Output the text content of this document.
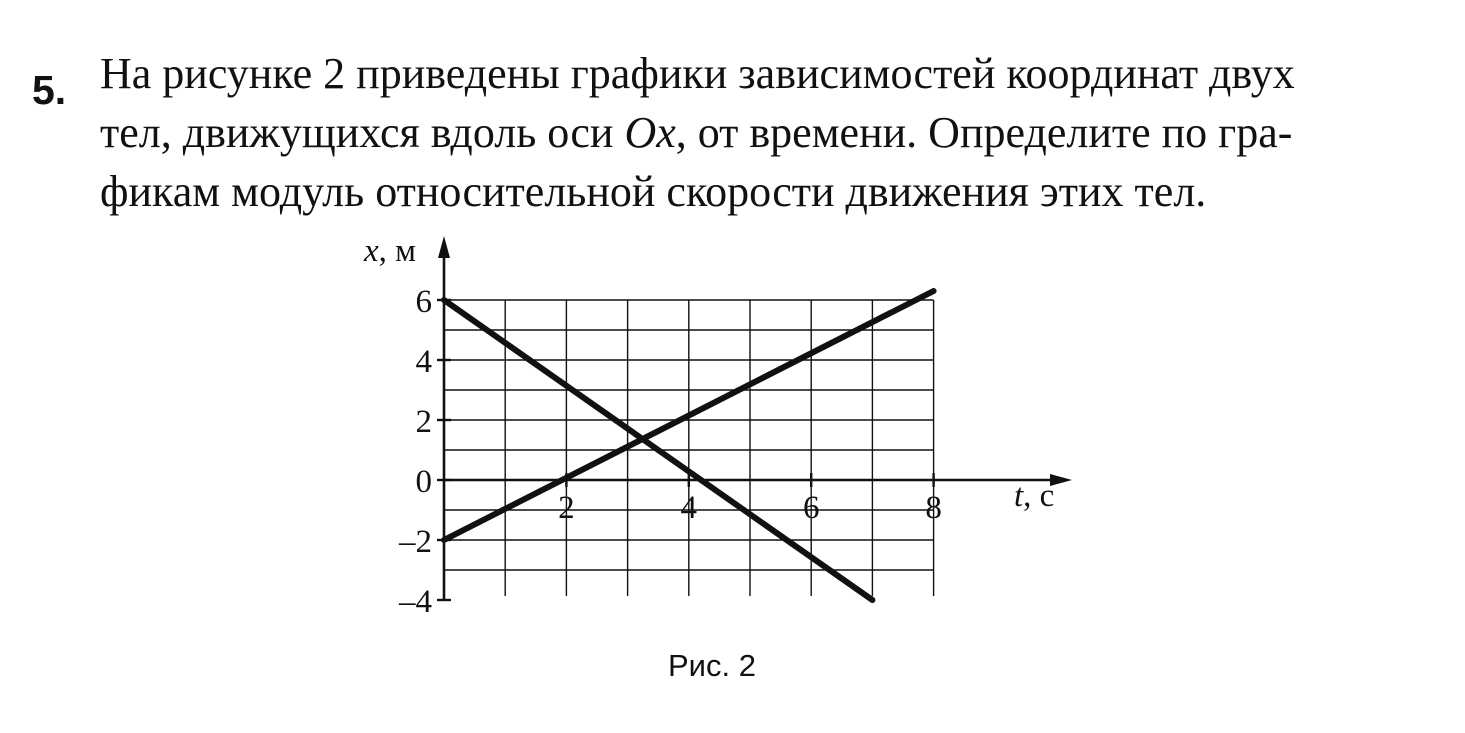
5. На рисунке 2 приведены графики зависимостей координат двух
тел, движущихся вдоль оси Ox, от времени. Определите по гра-
фикам модуль относительной скорости движения этих тел.

6
4
2
0
–2
–4
2	4	6	8
x, м
t, с
Рис. 2
